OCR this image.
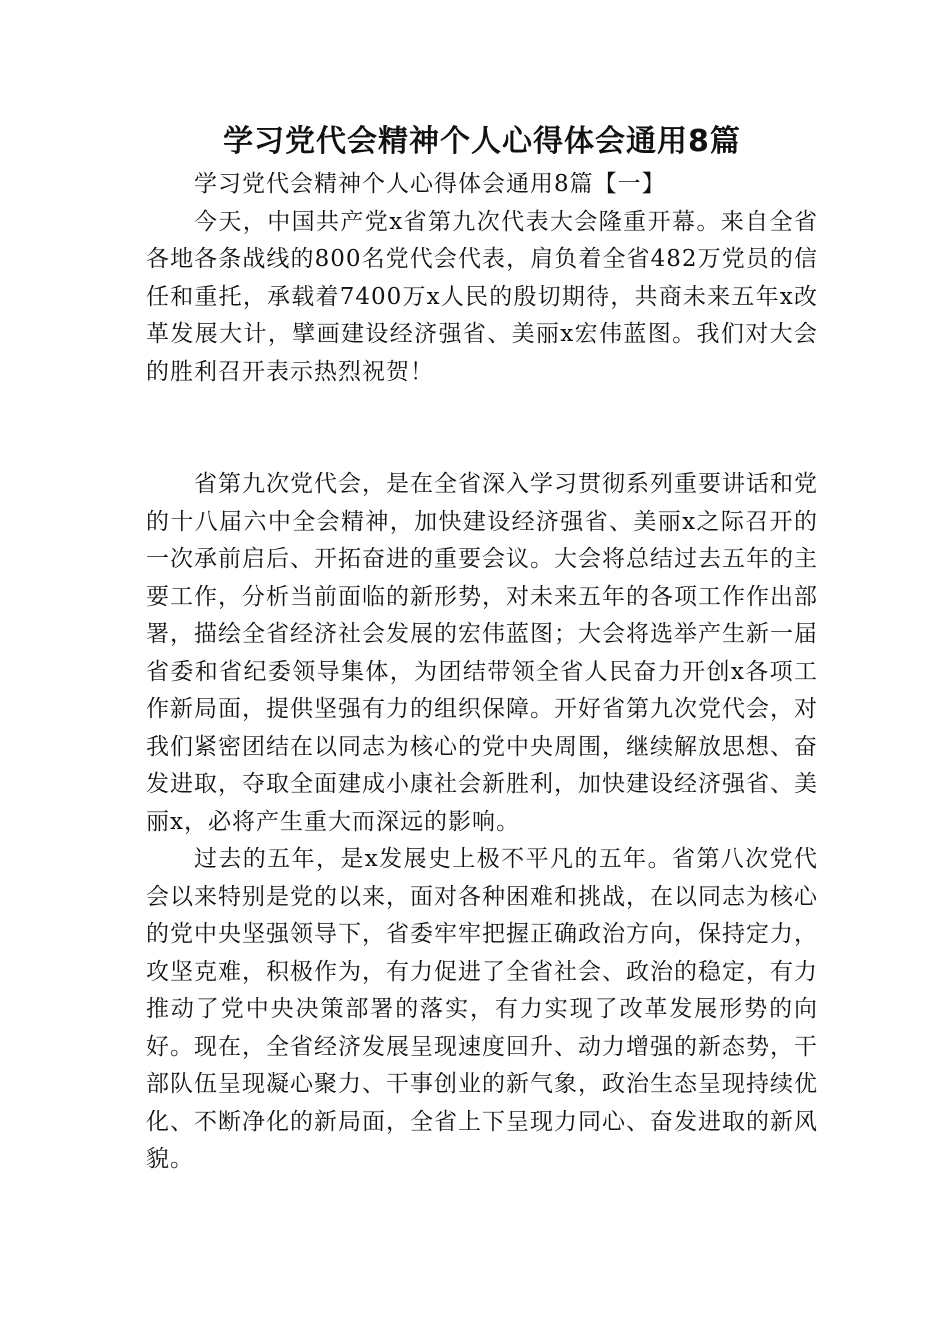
学习党代会精神个人心得体会通用8篇

学习党代会精神个人心得体会通用8篇【一】

今天，中国共产党x省第九次代表大会隆重开幕。来自全省各地各条战线的800名党代会代表，肩负着全省482万党员的信任和重托，承载着7400万x人民的殷切期待，共商未来五年x改革发展大计，擘画建设经济强省、美丽x宏伟蓝图。我们对大会的胜利召开表示热烈祝贺！

省第九次党代会，是在全省深入学习贯彻系列重要讲话和党的十八届六中全会精神，加快建设经济强省、美丽x之际召开的一次承前启后、开拓奋进的重要会议。大会将总结过去五年的主要工作，分析当前面临的新形势，对未来五年的各项工作作出部署，描绘全省经济社会发展的宏伟蓝图；大会将选举产生新一届省委和省纪委领导集体，为团结带领全省人民奋力开创x各项工作新局面，提供坚强有力的组织保障。开好省第九次党代会，对我们紧密团结在以同志为核心的党中央周围，继续解放思想、奋发进取，夺取全面建成小康社会新胜利，加快建设经济强省、美丽x，必将产生重大而深远的影响。

过去的五年，是x发展史上极不平凡的五年。省第八次党代会以来特别是党的以来，面对各种困难和挑战，在以同志为核心的党中央坚强领导下，省委牢牢把握正确政治方向，保持定力，攻坚克难，积极作为，有力促进了全省社会、政治的稳定，有力推动了党中央决策部署的落实，有力实现了改革发展形势的向好。现在，全省经济发展呈现速度回升、动力增强的新态势，干部队伍呈现凝心聚力、干事创业的新气象，政治生态呈现持续优化、不断净化的新局面，全省上下呈现力同心、奋发进取的新风貌。
